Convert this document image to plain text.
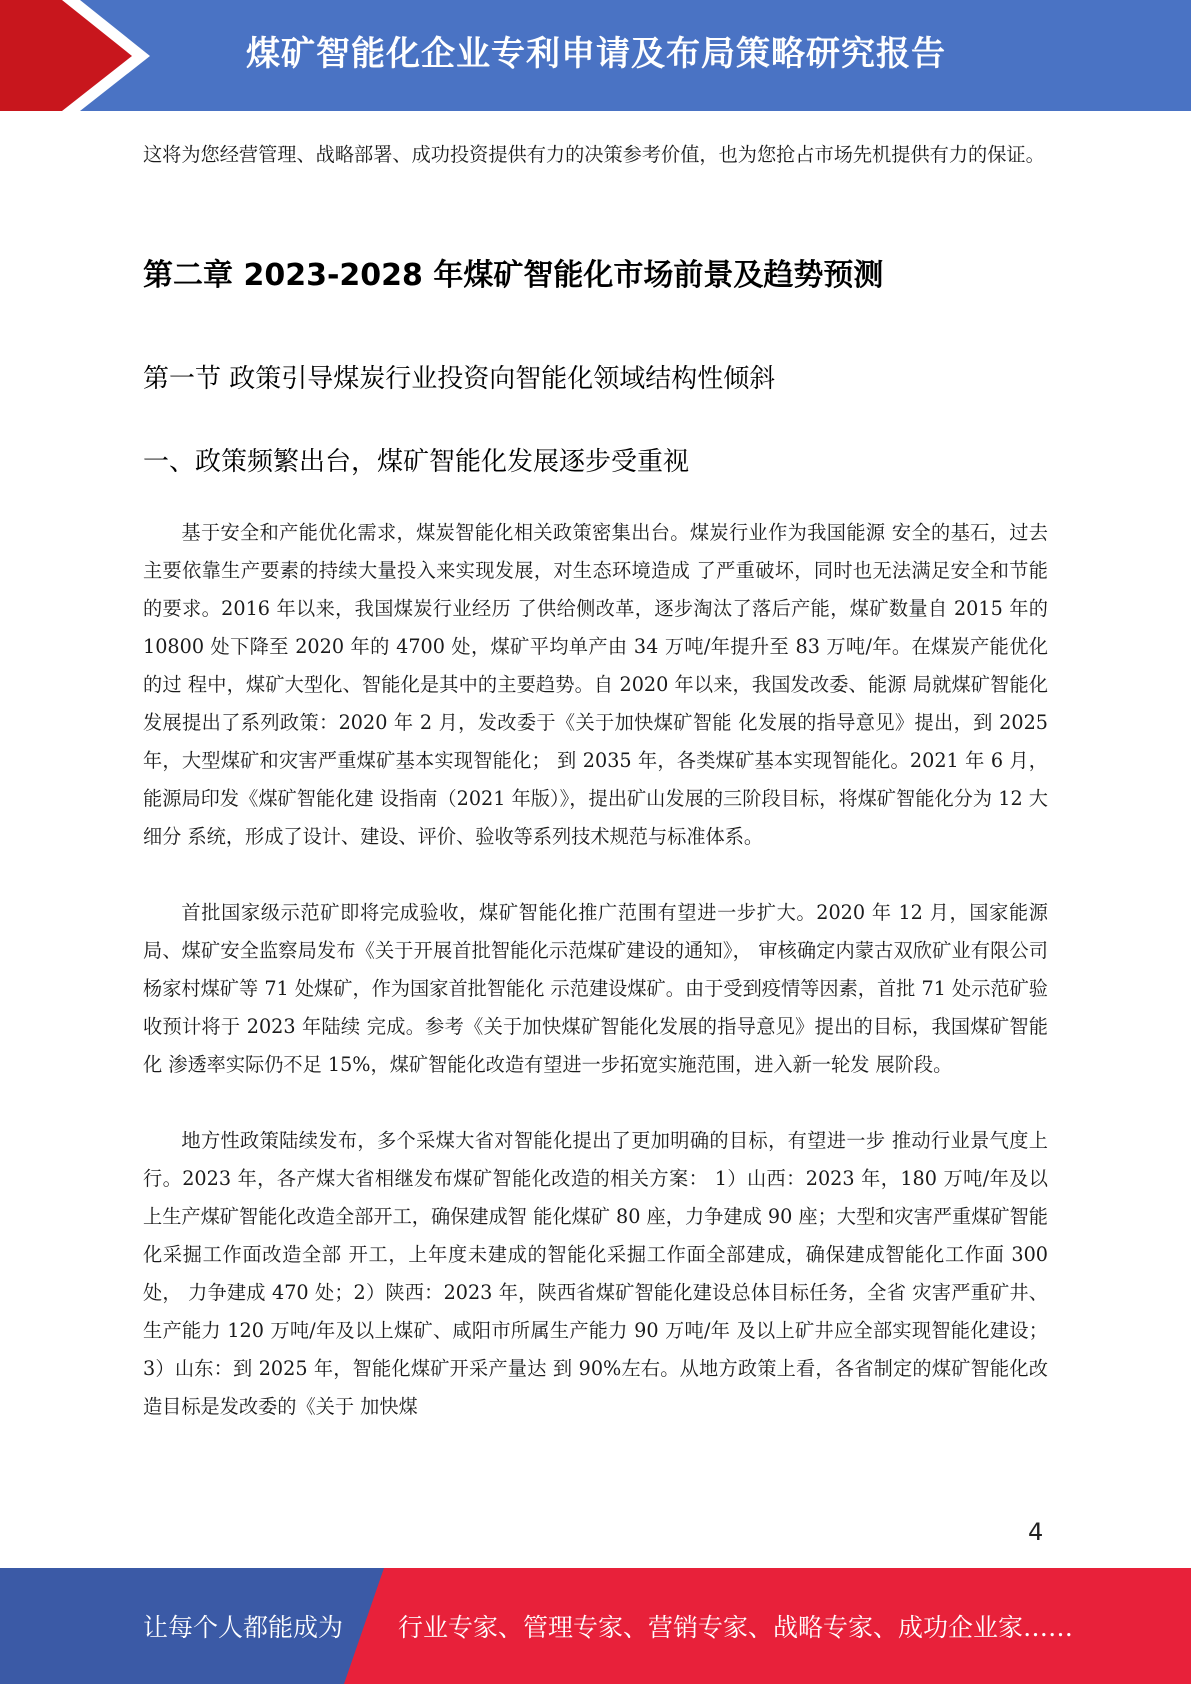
煤矿智能化企业专利申请及布局策略研究报告

这将为您经营管理、战略部署、成功投资提供有力的决策参考价值，也为您抢占市场先机提供有力的保证。

第二章 2023-2028 年煤矿智能化市场前景及趋势预测
第一节 政策引导煤炭行业投资向智能化领域结构性倾斜
一、政策频繁出台，煤矿智能化发展逐步受重视

基于安全和产能优化需求，煤炭智能化相关政策密集出台。煤炭行业作为我国能源 安全的基石，过去主要依靠生产要素的持续大量投入来实现发展，对生态环境造成 了严重破坏，同时也无法满足安全和节能的要求。2016 年以来，我国煤炭行业经历 了供给侧改革，逐步淘汰了落后产能，煤矿数量自 2015 年的 10800 处下降至 2020 年的 4700 处，煤矿平均单产由 34 万吨/年提升至 83 万吨/年。在煤炭产能优化的过 程中，煤矿大型化、智能化是其中的主要趋势。自 2020 年以来，我国发改委、能源 局就煤矿智能化发展提出了系列政策：2020 年 2 月，发改委于《关于加快煤矿智能 化发展的指导意见》提出，到 2025 年，大型煤矿和灾害严重煤矿基本实现智能化； 到 2035 年，各类煤矿基本实现智能化。2021 年 6 月，能源局印发《煤矿智能化建 设指南（2021 年版）》，提出矿山发展的三阶段目标，将煤矿智能化分为 12 大细分 系统，形成了设计、建设、评价、验收等系列技术规范与标准体系。

首批国家级示范矿即将完成验收，煤矿智能化推广范围有望进一步扩大。2020 年 12 月，国家能源局、煤矿安全监察局发布《关于开展首批智能化示范煤矿建设的通知》， 审核确定内蒙古双欣矿业有限公司杨家村煤矿等 71 处煤矿，作为国家首批智能化 示范建设煤矿。由于受到疫情等因素，首批 71 处示范矿验收预计将于 2023 年陆续 完成。参考《关于加快煤矿智能化发展的指导意见》提出的目标，我国煤矿智能化 渗透率实际仍不足 15%，煤矿智能化改造有望进一步拓宽实施范围，进入新一轮发 展阶段。

地方性政策陆续发布，多个采煤大省对智能化提出了更加明确的目标，有望进一步 推动行业景气度上行。2023 年，各产煤大省相继发布煤矿智能化改造的相关方案： 1）山西：2023 年，180 万吨/年及以上生产煤矿智能化改造全部开工，确保建成智 能化煤矿 80 座，力争建成 90 座；大型和灾害严重煤矿智能化采掘工作面改造全部 开工，上年度未建成的智能化采掘工作面全部建成，确保建成智能化工作面 300 处， 力争建成 470 处；2）陕西：2023 年，陕西省煤矿智能化建设总体目标任务，全省 灾害严重矿井、生产能力 120 万吨/年及以上煤矿、咸阳市所属生产能力 90 万吨/年 及以上矿井应全部实现智能化建设；3）山东：到 2025 年，智能化煤矿开采产量达 到 90%左右。从地方政策上看，各省制定的煤矿智能化改造目标是发改委的《关于 加快煤

4
让每个人都能成为 行业专家、管理专家、营销专家、战略专家、成功企业家……
